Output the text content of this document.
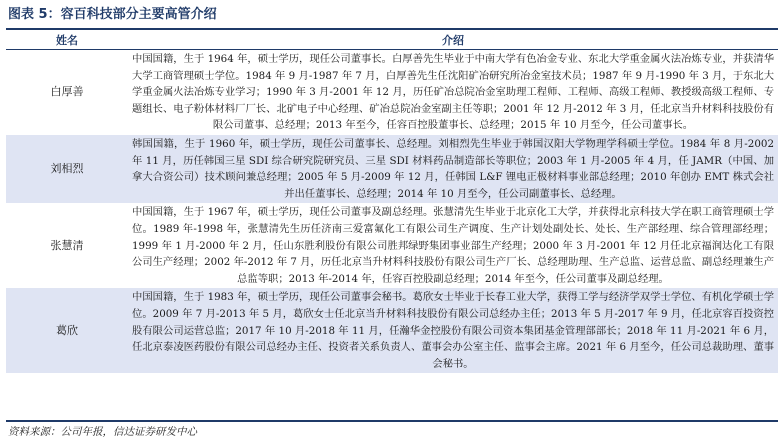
图表 5：容百科技部分主要高管介绍
姓名	介绍
白厚善	中国国籍，生于 1964 年，硕士学历，现任公司董事长。白厚善先生毕业于中南大学有色冶金专业、东北大学重金属火法冶炼专业，并获清华大学工商管理硕士学位。1984 年 9 月-1987 年 7 月，白厚善先生任沈阳矿冶研究所冶金室技术员；1987 年 9 月-1990 年 3 月，于东北大学重金属火法冶炼专业学习；1990 年 3 月-2001 年 12 月，历任矿冶总院冶金室助理工程师、工程师、高级工程师、教授级高级工程师、专题组长、电子粉体材料厂厂长、北矿电子中心经理、矿冶总院冶金室副主任等职；2001 年 12 月-2012 年 3 月，任北京当升材料科技股份有限公司董事、总经理；2013 年至今，任容百控股董事长、总经理；2015 年 10 月至今，任公司董事长。
刘相烈	韩国国籍，生于 1960 年，硕士学历，现任公司董事长、总经理。刘相烈先生毕业于韩国汉阳大学物理学科硕士学位。1984 年 8 月-2002 年 11 月，历任韩国三星 SDI 综合研究院研究员、三星 SDI 材料药品制造部长等职位；2003 年 1 月-2005 年 4 月，任 JAMR（中国、加拿大合资公司）技术顾问兼总经理；2005 年 5 月-2009 年 12 月，任韩国 L&F 锂电正极材料事业部总经理；2010 年创办 EMT 株式会社并出任董事长、总经理；2014 年 10 月至今，任公司副董事长、总经理。
张慧清	中国国籍，生于 1967 年，硕士学历，现任公司董事及副总经理。张慧清先生毕业于北京化工大学，并获得北京科技大学在职工商管理硕士学位。1989 年-1998 年，张慧清先生历任济南三爱富氟化工有限公司生产调度、生产计划处副处长、处长、生产部经理、综合管理部经理；1999 年 1 月-2000 年 2 月，任山东胜利股份有限公司胜邦绿野集团事业部生产经理；2000 年 3 月-2001 年 12 月任北京福润达化工有限公司生产经理；2002 年-2012 年 7 月，历任北京当升材料科技股份有限公司生产厂长、总经理助理、生产总监、运营总监、副总经理兼生产总监等职；2013 年-2014 年，任容百控股副总经理；2014 年至今，任公司董事及副总经理。
葛欣	中国国籍，生于 1983 年，硕士学历，现任公司董事会秘书。葛欣女士毕业于长春工业大学，获得工学与经济学双学士学位、有机化学硕士学位。2009 年 7 月-2013 年 5 月，葛欣女士任北京当升材料科技股份有限公司总经办主任；2013 年 5 月-2017 年 9 月，任北京容百投资控股有限公司运营总监；2017 年 10 月-2018 年 11 月，任瀚华金控股份有限公司资本集团基金管理部部长；2018 年 11 月-2021 年 6 月，任北京泰凌医药股份有限公司总经办主任、投资者关系负责人、董事会办公室主任、监事会主席。2021 年 6 月至今，任公司总裁助理、董事会秘书。
资料来源：公司年报，信达证券研发中心
